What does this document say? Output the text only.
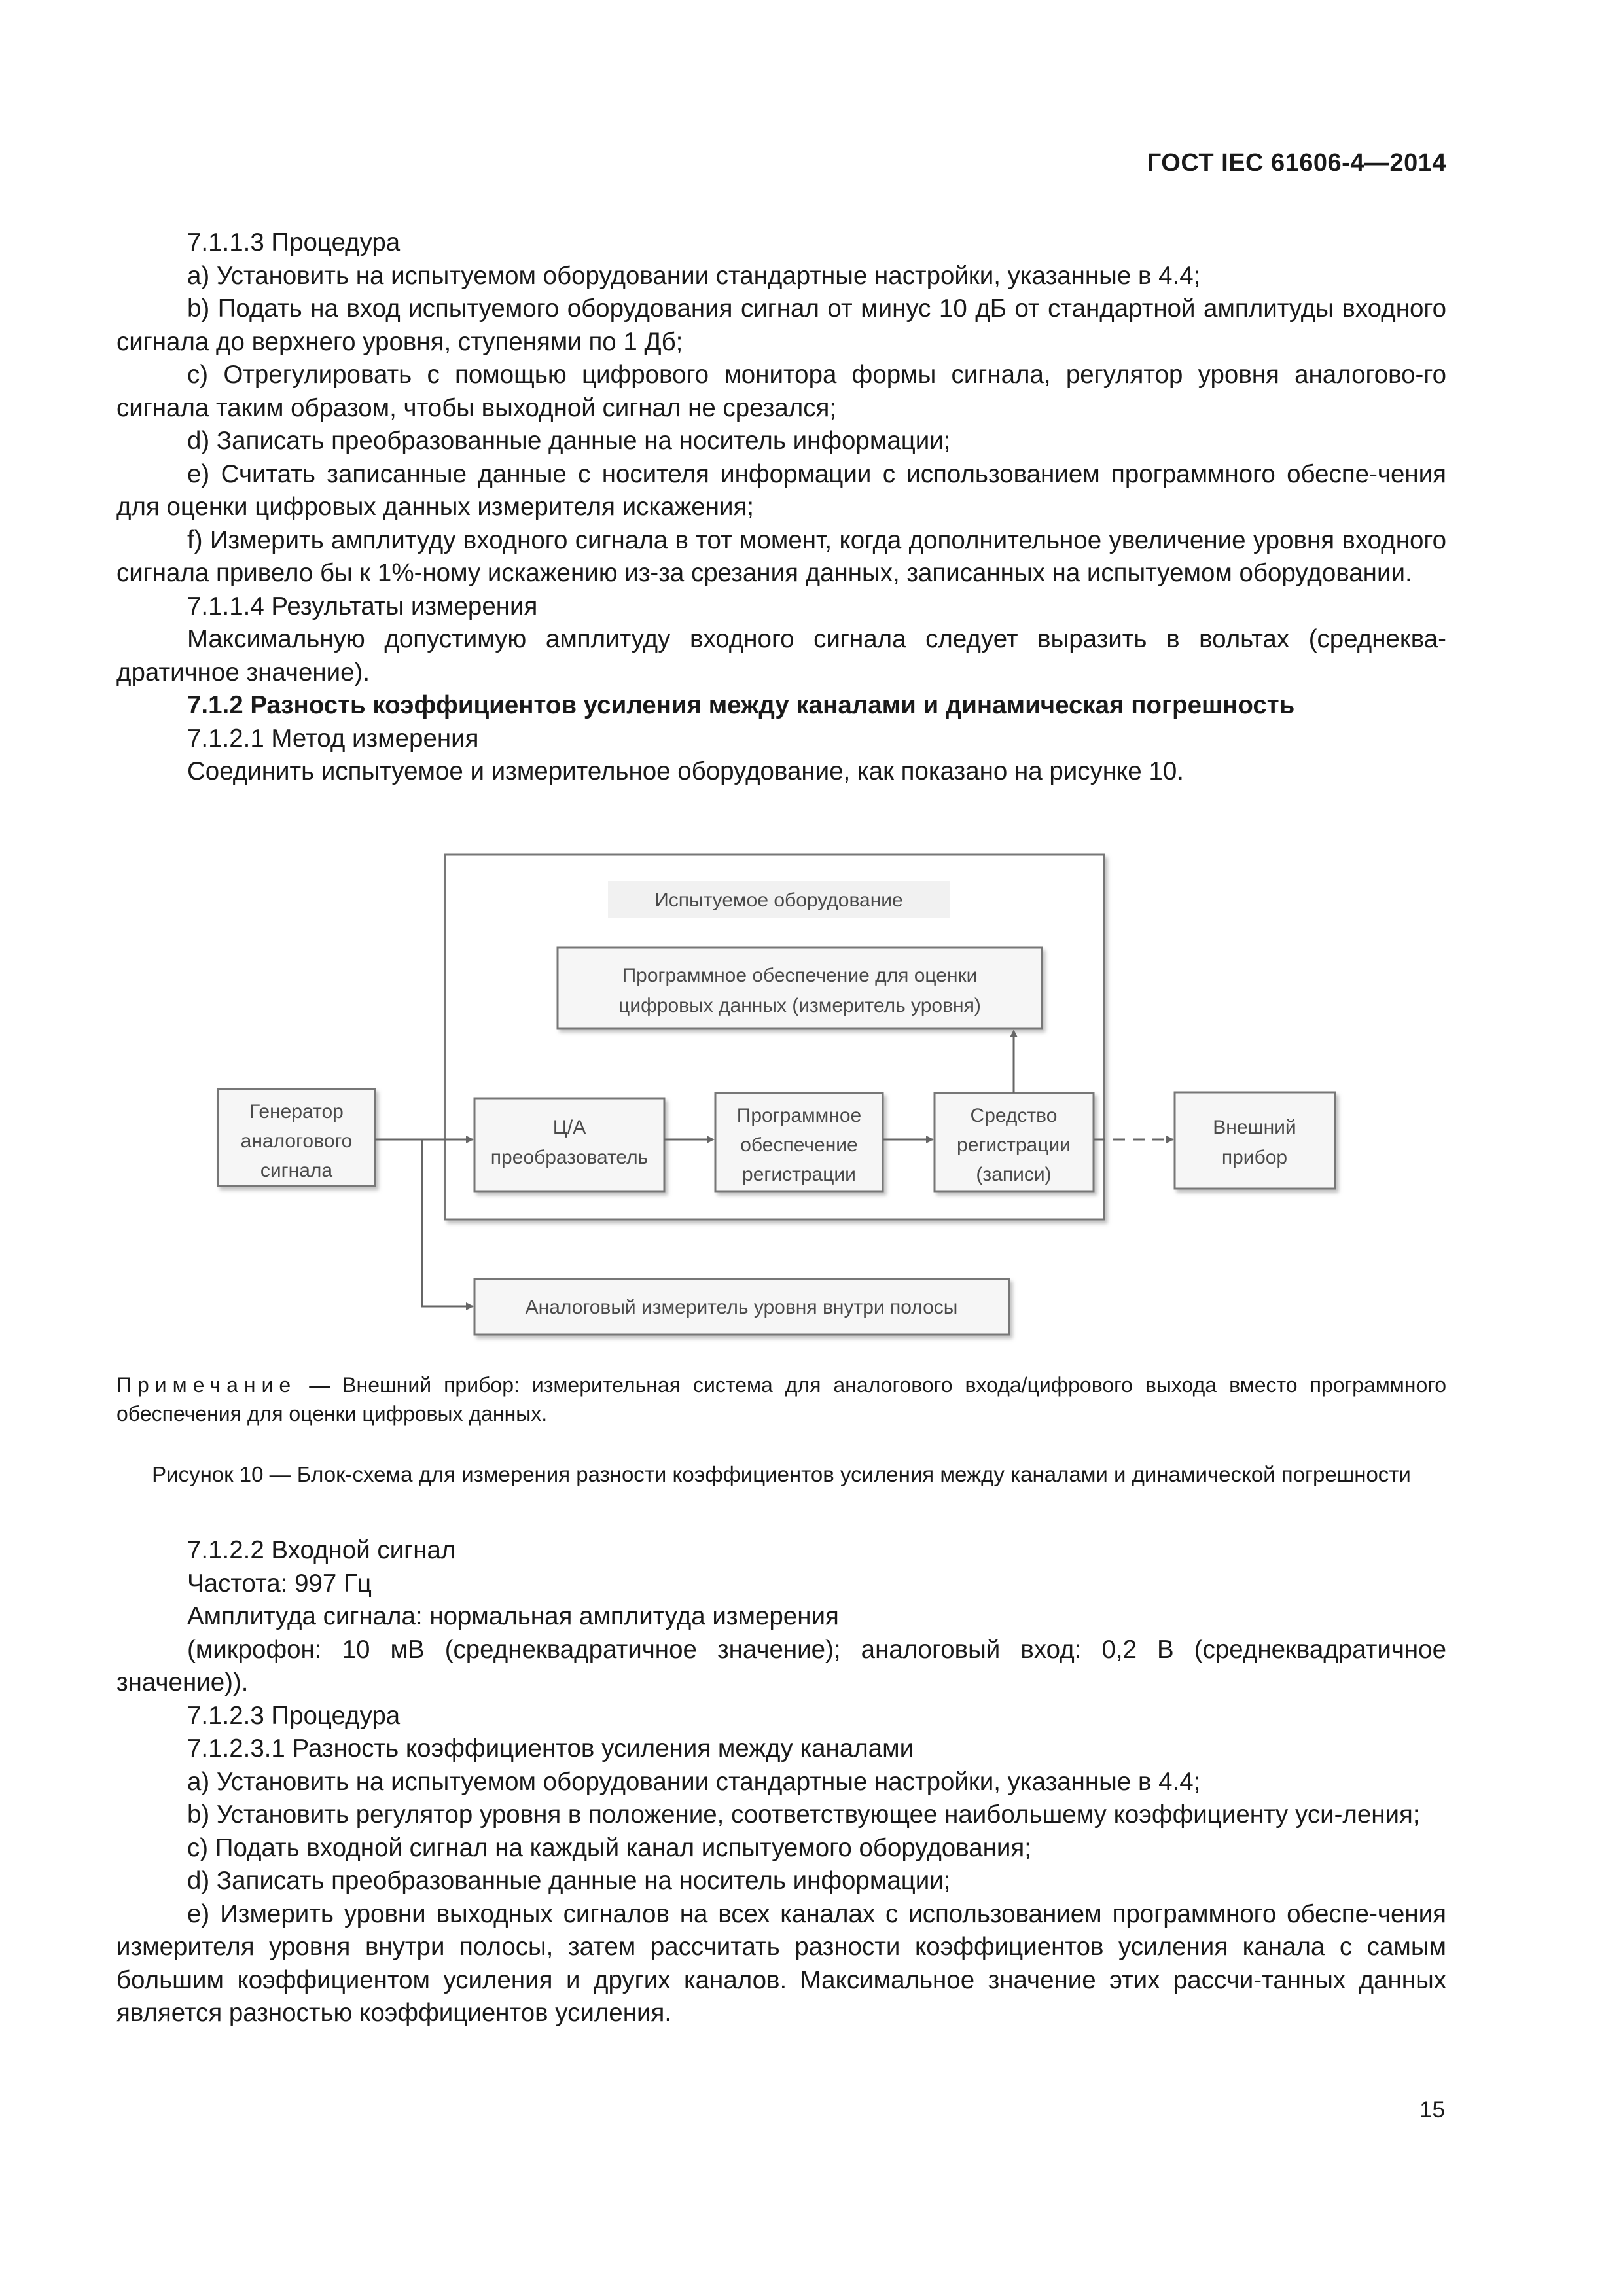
ГОСТ IEC 61606-4—2014

7.1.1.3 Процедура

a) Установить на испытуемом оборудовании стандартные настройки, указанные в 4.4;

b) Подать на вход испытуемого оборудования сигнал от минус 10 дБ от стандартной амплитуды входного сигнала до верхнего уровня, ступенями по 1 Дб;

c) Отрегулировать с помощью цифрового монитора формы сигнала, регулятор уровня аналогово-го сигнала таким образом, чтобы выходной сигнал не срезался;

d) Записать преобразованные данные на носитель информации;

e) Считать записанные данные с носителя информации с использованием программного обеспе-чения для оценки цифровых данных измерителя искажения;

f) Измерить амплитуду входного сигнала в тот момент, когда дополнительное увеличение уровня входного сигнала привело бы к 1%-ному искажению из-за срезания данных, записанных на испытуемом оборудовании.

7.1.1.4 Результаты измерения

Максимальную допустимую амплитуду входного сигнала следует выразить в вольтах (среднеква-дратичное значение).

7.1.2 Разность коэффициентов усиления между каналами и динамическая погрешность

7.1.2.1 Метод измерения

Соединить испытуемое и измерительное оборудование, как показано на рисунке 10.

Испытуемое оборудование
Программное обеспечение для оценки
цифровых данных (измеритель уровня)
Генератор
аналогового
сигнала
Ц/А
преобразователь
Программное
обеспечение
регистрации
Средство
регистрации
(записи)
Внешний
прибор
Аналоговый измеритель уровня внутри полосы
Примечание — Внешний прибор: измерительная система для аналогового входа/цифрового выхода вместо программного обеспечения для оценки цифровых данных.
Рисунок 10 — Блок-схема для измерения разности коэффициентов усиления между каналами и динамической погрешности

7.1.2.2 Входной сигнал

Частота: 997 Гц

Амплитуда сигнала: нормальная амплитуда измерения

(микрофон: 10 мВ (среднеквадратичное значение); аналоговый вход: 0,2 В (среднеквадратичное значение)).

7.1.2.3 Процедура

7.1.2.3.1 Разность коэффициентов усиления между каналами

a) Установить на испытуемом оборудовании стандартные настройки, указанные в 4.4;

b) Установить регулятор уровня в положение, соответствующее наибольшему коэффициенту уси-ления;

c) Подать входной сигнал на каждый канал испытуемого оборудования;

d) Записать преобразованные данные на носитель информации;

e) Измерить уровни выходных сигналов на всех каналах с использованием программного обеспе-чения измерителя уровня внутри полосы, затем рассчитать разности коэффициентов усиления канала с самым большим коэффициентом усиления и других каналов. Максимальное значение этих рассчи-танных данных является разностью коэффициентов усиления.

15
